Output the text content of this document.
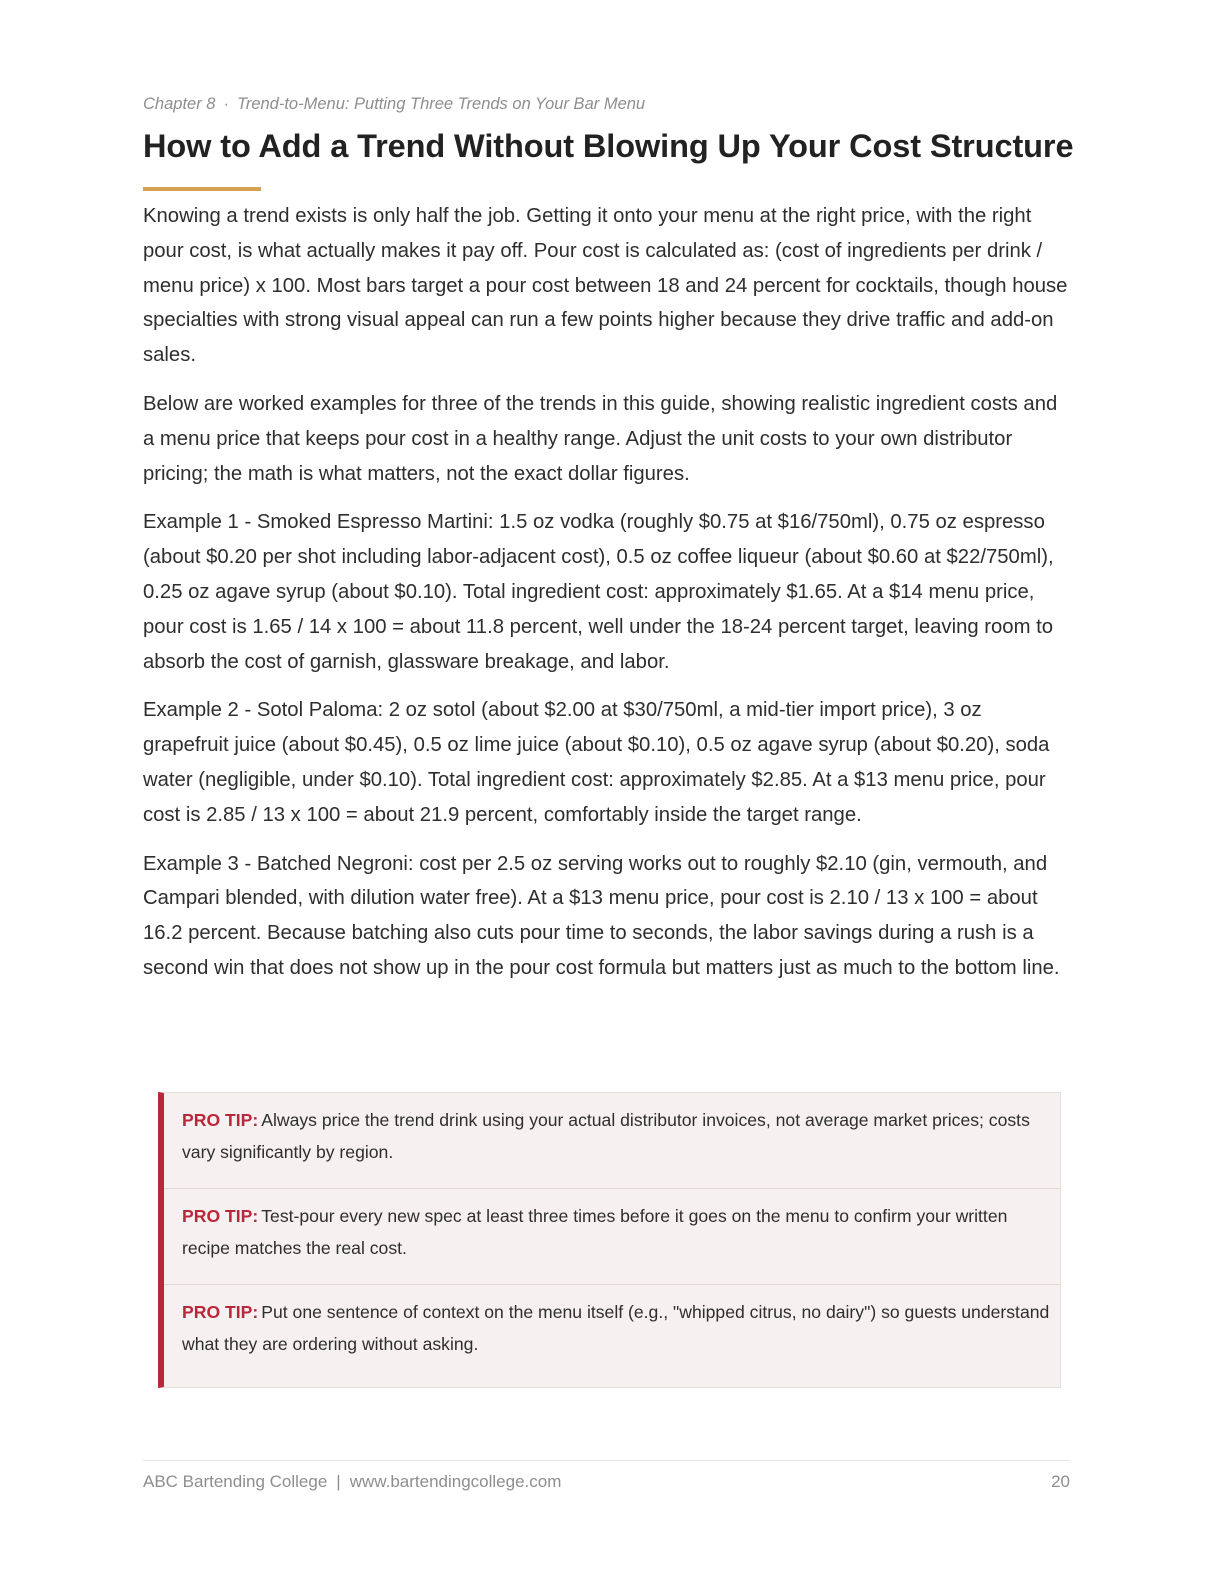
Chapter 8 · Trend-to-Menu: Putting Three Trends on Your Bar Menu
How to Add a Trend Without Blowing Up Your Cost Structure

Knowing a trend exists is only half the job. Getting it onto your menu at the right price, with the right pour cost, is what actually makes it pay off. Pour cost is calculated as: (cost of ingredients per drink / menu price) x 100. Most bars target a pour cost between 18 and 24 percent for cocktails, though house specialties with strong visual appeal can run a few points higher because they drive traffic and add-on sales.

Below are worked examples for three of the trends in this guide, showing realistic ingredient costs and a menu price that keeps pour cost in a healthy range. Adjust the unit costs to your own distributor pricing; the math is what matters, not the exact dollar figures.

Example 1 - Smoked Espresso Martini: 1.5 oz vodka (roughly $0.75 at $16/750ml), 0.75 oz espresso (about $0.20 per shot including labor-adjacent cost), 0.5 oz coffee liqueur (about $0.60 at $22/750ml), 0.25 oz agave syrup (about $0.10). Total ingredient cost: approximately $1.65. At a $14 menu price, pour cost is 1.65 / 14 x 100 = about 11.8 percent, well under the 18-24 percent target, leaving room to absorb the cost of garnish, glassware breakage, and labor.

Example 2 - Sotol Paloma: 2 oz sotol (about $2.00 at $30/750ml, a mid-tier import price), 3 oz grapefruit juice (about $0.45), 0.5 oz lime juice (about $0.10), 0.5 oz agave syrup (about $0.20), soda water (negligible, under $0.10). Total ingredient cost: approximately $2.85. At a $13 menu price, pour cost is 2.85 / 13 x 100 = about 21.9 percent, comfortably inside the target range.

Example 3 - Batched Negroni: cost per 2.5 oz serving works out to roughly $2.10 (gin, vermouth, and Campari blended, with dilution water free). At a $13 menu price, pour cost is 2.10 / 13 x 100 = about 16.2 percent. Because batching also cuts pour time to seconds, the labor savings during a rush is a second win that does not show up in the pour cost formula but matters just as much to the bottom line.

PRO TIP: Always price the trend drink using your actual distributor invoices, not average market prices; costs vary significantly by region.
PRO TIP: Test-pour every new spec at least three times before it goes on the menu to confirm your written recipe matches the real cost.
PRO TIP: Put one sentence of context on the menu itself (e.g., "whipped citrus, no dairy") so guests understand what they are ordering without asking.
ABC Bartending College | www.bartendingcollege.com	20
